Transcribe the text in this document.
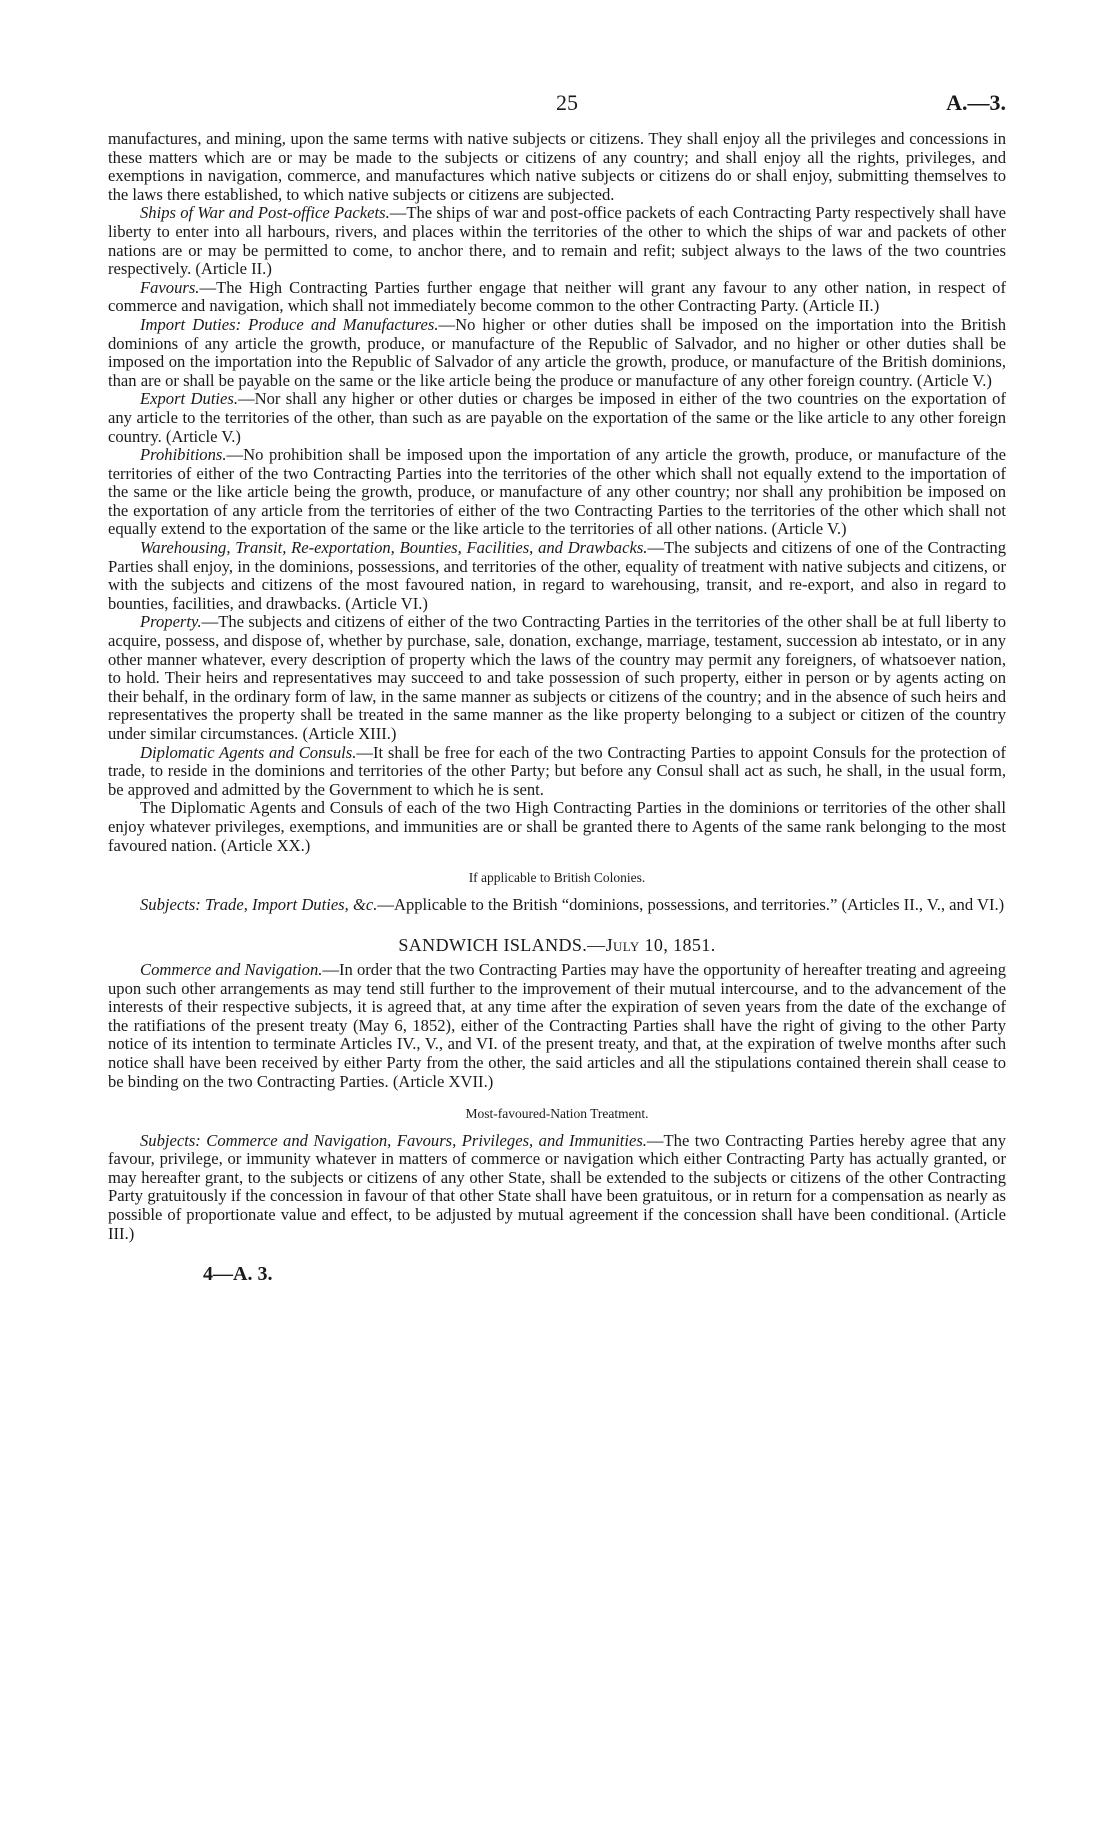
25	A.—3.

manufactures, and mining, upon the same terms with native subjects or citizens. They shall enjoy all the privileges and concessions in these matters which are or may be made to the subjects or citizens of any country; and shall enjoy all the rights, privileges, and exemptions in navigation, commerce, and manufactures which native subjects or citizens do or shall enjoy, submitting themselves to the laws there established, to which native subjects or citizens are subjected.

Ships of War and Post-office Packets.—The ships of war and post-office packets of each Contracting Party respectively shall have liberty to enter into all harbours, rivers, and places within the territories of the other to which the ships of war and packets of other nations are or may be permitted to come, to anchor there, and to remain and refit; subject always to the laws of the two countries respectively. (Article II.)

Favours.—The High Contracting Parties further engage that neither will grant any favour to any other nation, in respect of commerce and navigation, which shall not immediately become common to the other Contracting Party. (Article II.)

Import Duties: Produce and Manufactures.—No higher or other duties shall be imposed on the importation into the British dominions of any article the growth, produce, or manufacture of the Republic of Salvador, and no higher or other duties shall be imposed on the importation into the Republic of Salvador of any article the growth, produce, or manufacture of the British dominions, than are or shall be payable on the same or the like article being the produce or manufacture of any other foreign country. (Article V.)

Export Duties.—Nor shall any higher or other duties or charges be imposed in either of the two countries on the exportation of any article to the territories of the other, than such as are payable on the exportation of the same or the like article to any other foreign country. (Article V.)

Prohibitions.—No prohibition shall be imposed upon the importation of any article the growth, produce, or manufacture of the territories of either of the two Contracting Parties into the territories of the other which shall not equally extend to the importation of the same or the like article being the growth, produce, or manufacture of any other country; nor shall any prohibition be imposed on the exportation of any article from the territories of either of the two Contracting Parties to the territories of the other which shall not equally extend to the exportation of the same or the like article to the territories of all other nations. (Article V.)

Warehousing, Transit, Re-exportation, Bounties, Facilities, and Drawbacks.—The subjects and citizens of one of the Contracting Parties shall enjoy, in the dominions, possessions, and territories of the other, equality of treatment with native subjects and citizens, or with the subjects and citizens of the most favoured nation, in regard to warehousing, transit, and re-export, and also in regard to bounties, facilities, and drawbacks. (Article VI.)

Property.—The subjects and citizens of either of the two Contracting Parties in the territories of the other shall be at full liberty to acquire, possess, and dispose of, whether by purchase, sale, donation, exchange, marriage, testament, succession ab intestato, or in any other manner whatever, every description of property which the laws of the country may permit any foreigners, of whatsoever nation, to hold. Their heirs and representatives may succeed to and take possession of such property, either in person or by agents acting on their behalf, in the ordinary form of law, in the same manner as subjects or citizens of the country; and in the absence of such heirs and representatives the property shall be treated in the same manner as the like property belonging to a subject or citizen of the country under similar circumstances. (Article XIII.)

Diplomatic Agents and Consuls.—It shall be free for each of the two Contracting Parties to appoint Consuls for the protection of trade, to reside in the dominions and territories of the other Party; but before any Consul shall act as such, he shall, in the usual form, be approved and admitted by the Government to which he is sent.

The Diplomatic Agents and Consuls of each of the two High Contracting Parties in the dominions or territories of the other shall enjoy whatever privileges, exemptions, and immunities are or shall be granted there to Agents of the same rank belonging to the most favoured nation. (Article XX.)

If applicable to British Colonies.

Subjects: Trade, Import Duties, &c.—Applicable to the British “dominions, possessions, and territories.” (Articles II., V., and VI.)

SANDWICH ISLANDS.—July 10, 1851.

Commerce and Navigation.—In order that the two Contracting Parties may have the opportunity of hereafter treating and agreeing upon such other arrangements as may tend still further to the improvement of their mutual intercourse, and to the advancement of the interests of their respective subjects, it is agreed that, at any time after the expiration of seven years from the date of the exchange of the ratifiations of the present treaty (May 6, 1852), either of the Contracting Parties shall have the right of giving to the other Party notice of its intention to terminate Articles IV., V., and VI. of the present treaty, and that, at the expiration of twelve months after such notice shall have been received by either Party from the other, the said articles and all the stipulations contained therein shall cease to be binding on the two Contracting Parties. (Article XVII.)

Most-favoured-Nation Treatment.

Subjects: Commerce and Navigation, Favours, Privileges, and Immunities.—The two Contracting Parties hereby agree that any favour, privilege, or immunity whatever in matters of commerce or navigation which either Contracting Party has actually granted, or may hereafter grant, to the subjects or citizens of any other State, shall be extended to the subjects or citizens of the other Contracting Party gratuitously if the concession in favour of that other State shall have been gratuitous, or in return for a compensation as nearly as possible of proportionate value and effect, to be adjusted by mutual agreement if the concession shall have been conditional. (Article III.)

4—A. 3.
